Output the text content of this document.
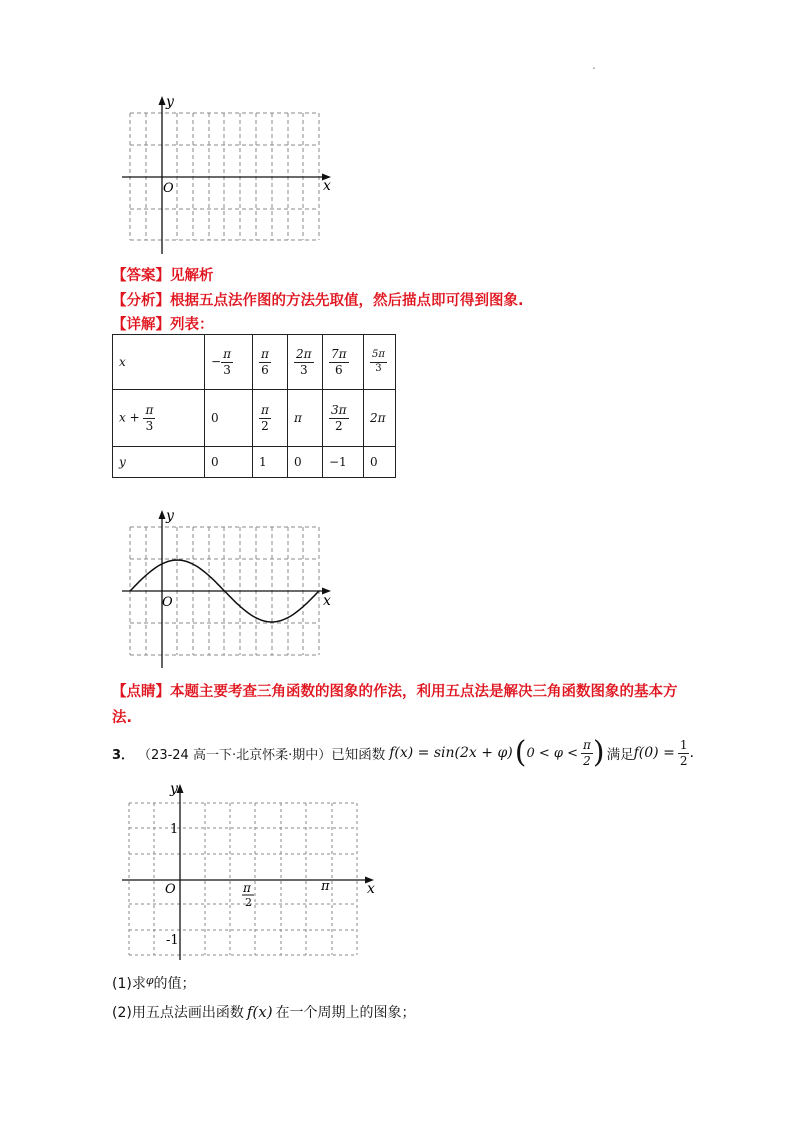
.
y
x
O
【答案】见解析
【分析】根据五点法作图的方法先取值，然后描点即可得到图象.
【详解】列表：
x	− $\frac{\pi}{3}$	$\frac{\pi}{6}$	$\frac{2\pi}{3}$	$\frac{7\pi}{6}$	$\frac{5\pi}{3}$

$x + \frac{\pi}{3}$	0	$\frac{\pi}{2}$	π	$\frac{3\pi}{2}$	2π
y	0	1	0	−1	0
y
x
O
【点睛】本题主要考查三角函数的图象的作法，利用五点法是解决三角函数图象的基本方
法.
3． （23-24 高一下·北京怀柔·期中） 已知函数 f(x) = sin(2x + φ) ( $0 < \varphi < \frac{\pi}{2}$ ) 满足 $f(0) = \frac{1}{2}$ .
y
x
O
1
-1
π
2
π
(1)求$^\varphi$的值；
(2)用五点法画出函数 f(x) 在一个周期上的图象；
